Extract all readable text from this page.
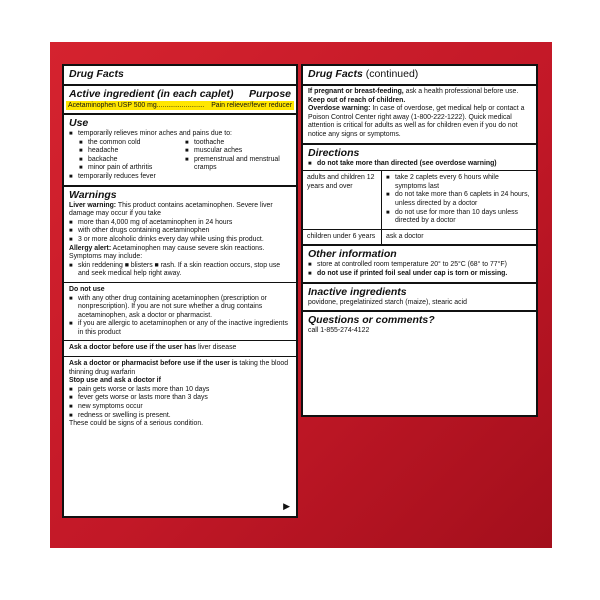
Drug Facts
Active ingredient (in each caplet) Purpose
Acetaminophen USP 500 mg......................... Pain reliever/fever reducer
Use
■ temporarily relieves minor aches and pains due to:
■ the common cold
■ headache
■ backache
■ minor pain of arthritis
■ toothache
■ muscular aches
■ premenstrual and menstrual cramps
■ temporarily reduces fever
Warnings
Liver warning: This product contains acetaminophen. Severe liver damage may occur if you take
■ more than 4,000 mg of acetaminophen in 24 hours
■ with other drugs containing acetaminophen
■ 3 or more alcoholic drinks every day while using this product.
Allergy alert: Acetaminophen may cause severe skin reactions. Symptoms may include:
■ skin reddening ■ blisters ■ rash. If a skin reaction occurs, stop use and seek medical help right away.
Do not use
■ with any other drug containing acetaminophen (prescription or nonprescription). If you are not sure whether a drug contains acetaminophen, ask a doctor or pharmacist.
■ if you are allergic to acetaminophen or any of the inactive ingredients in this product
Ask a doctor before use if the user has liver disease
Ask a doctor or pharmacist before use if the user is taking the blood thinning drug warfarin
Stop use and ask a doctor if
■ pain gets worse or lasts more than 10 days
■ fever gets worse or lasts more than 3 days
■ new symptoms occur
■ redness or swelling is present.
These could be signs of a serious condition.
▶
Drug Facts (continued)
If pregnant or breast-feeding, ask a health professional before use.
Keep out of reach of children.
Overdose warning: In case of overdose, get medical help or contact a Poison Control Center right away (1-800-222-1222). Quick medical attention is critical for adults as well as for children even if you do not notice any signs or symptoms.
Directions
■ do not take more than directed (see overdose warning)
adults and children 12 years and over
■ take 2 caplets every 6 hours while symptoms last
■ do not take more than 6 caplets in 24 hours, unless directed by a doctor
■ do not use for more than 10 days unless directed by a doctor
children under 6 years	ask a doctor
Other information
■ store at controlled room temperature 20° to 25°C (68° to 77°F)
■ do not use if printed foil seal under cap is torn or missing.
Inactive ingredients
povidone, pregelatinized starch (maize), stearic acid
Questions or comments?
call 1-855-274-4122
